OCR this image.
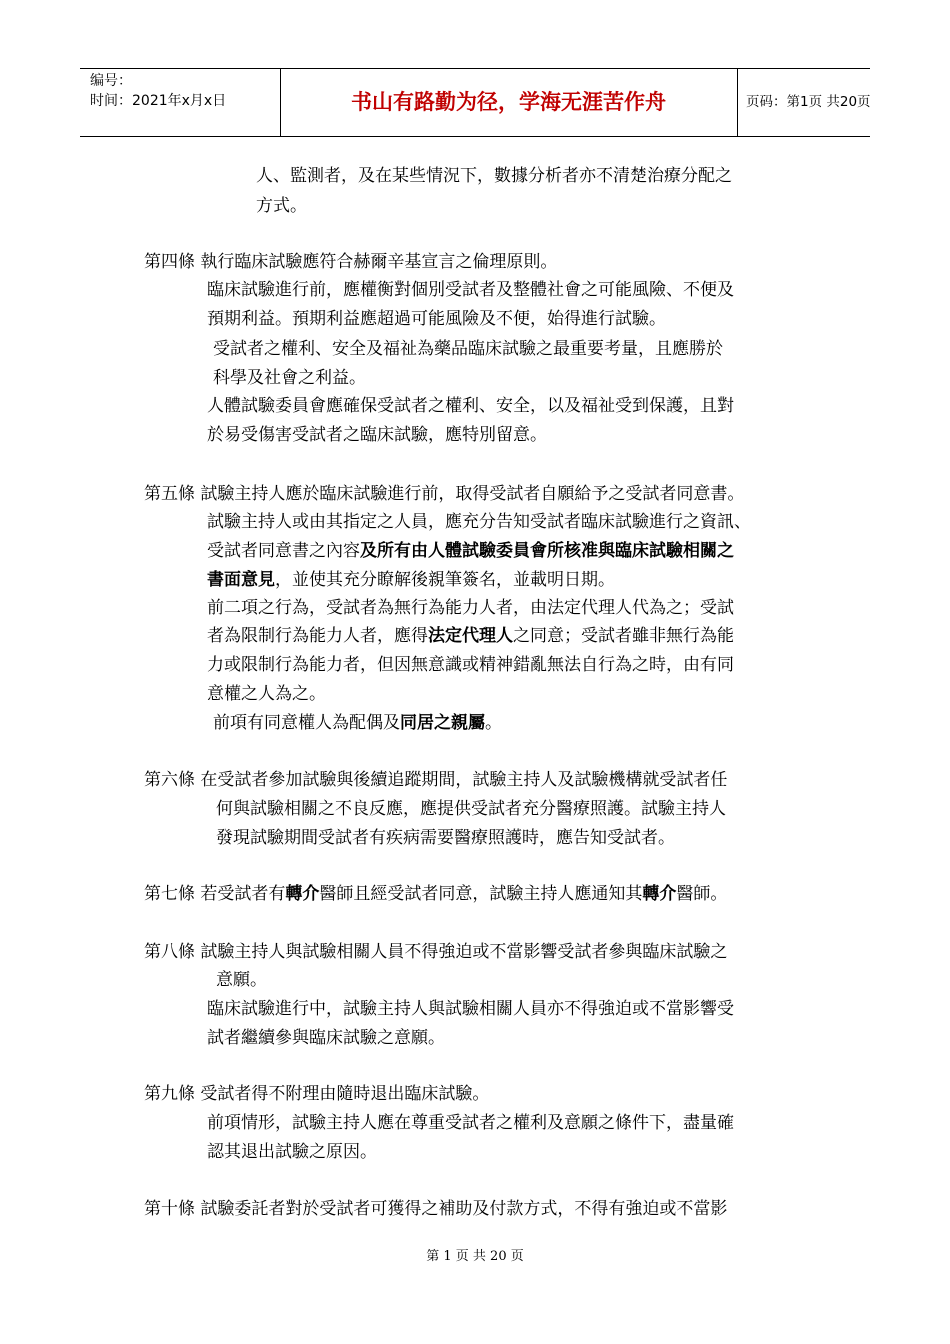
编号：
时间：2021年x月x日	书山有路勤为径，学海无涯苦作舟	页码：第1页 共20页
人、監測者，及在某些情況下，數據分析者亦不清楚治療分配之
方式。
第四條 執行臨床試驗應符合赫爾辛基宣言之倫理原則。
臨床試驗進行前，應權衡對個別受試者及整體社會之可能風險、不便及
預期利益。預期利益應超過可能風險及不便，始得進行試驗。
受試者之權利、安全及福祉為藥品臨床試驗之最重要考量，且應勝於
科學及社會之利益。
人體試驗委員會應確保受試者之權利、安全，以及福祉受到保護，且對
於易受傷害受試者之臨床試驗，應特別留意。
第五條 試驗主持人應於臨床試驗進行前，取得受試者自願給予之受試者同意書。
試驗主持人或由其指定之人員，應充分告知受試者臨床試驗進行之資訊、
受試者同意書之內容及所有由人體試驗委員會所核准與臨床試驗相關之
書面意見，並使其充分瞭解後親筆簽名，並載明日期。
前二項之行為，受試者為無行為能力人者，由法定代理人代為之；受試
者為限制行為能力人者，應得法定代理人之同意；受試者雖非無行為能
力或限制行為能力者，但因無意識或精神錯亂無法自行為之時，由有同
意權之人為之。
前項有同意權人為配偶及同居之親屬。
第六條 在受試者參加試驗與後續追蹤期間，試驗主持人及試驗機構就受試者任
何與試驗相關之不良反應，應提供受試者充分醫療照護。試驗主持人
發現試驗期間受試者有疾病需要醫療照護時，應告知受試者。
第七條 若受試者有轉介醫師且經受試者同意，試驗主持人應通知其轉介醫師。
第八條 試驗主持人與試驗相關人員不得強迫或不當影響受試者參與臨床試驗之
意願。
臨床試驗進行中，試驗主持人與試驗相關人員亦不得強迫或不當影響受
試者繼續參與臨床試驗之意願。
第九條 受試者得不附理由隨時退出臨床試驗。
前項情形，試驗主持人應在尊重受試者之權利及意願之條件下，盡量確
認其退出試驗之原因。
第十條 試驗委託者對於受試者可獲得之補助及付款方式，不得有強迫或不當影
第 1 页 共 20 页
